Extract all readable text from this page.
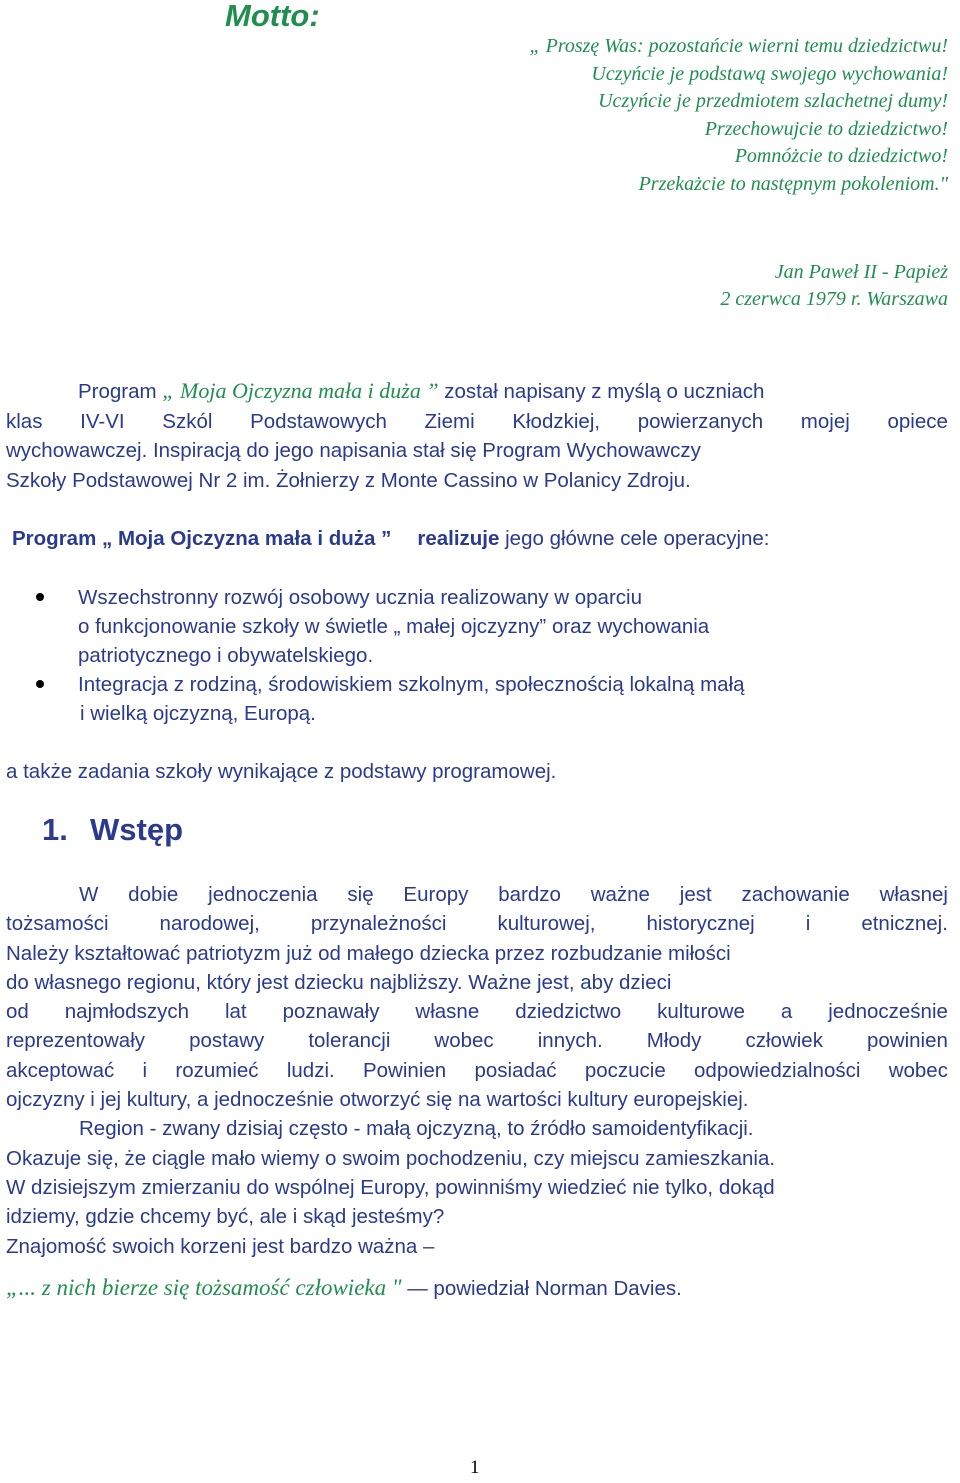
Motto:
„ Proszę Was: pozostańcie wierni temu dziedzictwu!
Uczyńcie je podstawą swojego wychowania!
Uczyńcie je przedmiotem szlachetnej dumy!
Przechowujcie to dziedzictwo!
Pomnóżcie to dziedzictwo!
Przekażcie to następnym pokoleniom."
Jan Paweł II - Papież
2 czerwca 1979 r. Warszawa
Program „ Moja Ojczyzna mała i duża ” został napisany z myślą o uczniach
klas IV-VI Szkól Podstawowych Ziemi Kłodzkiej, powierzanych mojej opiece
wychowawczej. Inspiracją do jego napisania stał się Program Wychowawczy
Szkoły Podstawowej Nr 2 im. Żołnierzy z Monte Cassino w Polanicy Zdroju.
Program „ Moja Ojczyzna mała i duża ” realizuje jego główne cele operacyjne:
Wszechstronny rozwój osobowy ucznia realizowany w oparciu
o funkcjonowanie szkoły w świetle „ małej ojczyzny” oraz wychowania
patriotycznego i obywatelskiego.
Integracja z rodziną, środowiskiem szkolnym, społecznością lokalną małą
i wielką ojczyzną, Europą.
a także zadania szkoły wynikające z podstawy programowej.
1. Wstęp
W dobie jednoczenia się Europy bardzo ważne jest zachowanie własnej
tożsamości narodowej, przynależności kulturowej, historycznej i etnicznej.
Należy kształtować patriotyzm już od małego dziecka przez rozbudzanie miłości
do własnego regionu, który jest dziecku najbliższy. Ważne jest, aby dzieci
od najmłodszych lat poznawały własne dziedzictwo kulturowe a jednocześnie
reprezentowały postawy tolerancji wobec innych. Młody człowiek powinien
akceptować i rozumieć ludzi. Powinien posiadać poczucie odpowiedzialności wobec
ojczyzny i jej kultury, a jednocześnie otworzyć się na wartości kultury europejskiej.
Region - zwany dzisiaj często - małą ojczyzną, to źródło samoidentyfikacji.
Okazuje się, że ciągle mało wiemy o swoim pochodzeniu, czy miejscu zamieszkania.
W dzisiejszym zmierzaniu do wspólnej Europy, powinniśmy wiedzieć nie tylko, dokąd
idziemy, gdzie chcemy być, ale i skąd jesteśmy?
Znajomość swoich korzeni jest bardzo ważna –
„... z nich bierze się tożsamość człowieka " — powiedział Norman Davies.
1
